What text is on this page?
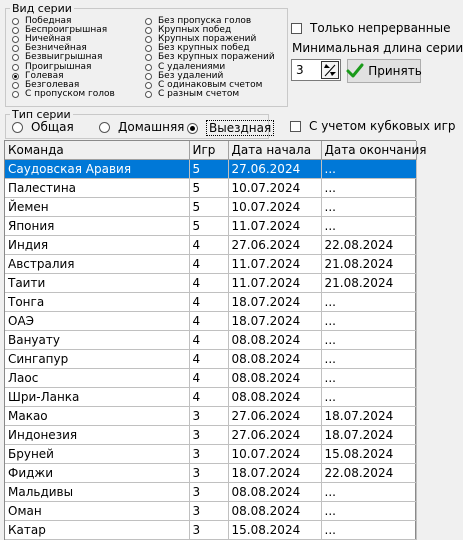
Вид серии
Победная
Беспроигрышная
Ничейная
Безничейная
Безвыигрышная
Проигрышная
Голевая
Безголевая
С пропуском голов
Без пропуска голов
Крупных побед
Крупных поражений
Без крупных побед
Без крупных поражений
С удалениями
Без удалений
С одинаковым счетом
С разным счетом
Только непрерванные
Минимальная длина серии
3	Принять
Тип серии
Общая	Домашняя Выездная	С учетом кубковых игр
Команда	Игр	Дата начала	Дата окончания
Саудовская Аравия	5	27.06.2024	...
Палестина	5	10.07.2024	...
Йемен	5	10.07.2024	...
Япония	5	11.07.2024	...
Индия	4	27.06.2024	22.08.2024
Австралия	4	11.07.2024	21.08.2024
Таити	4	11.07.2024	21.08.2024
Тонга	4	18.07.2024	...
ОАЭ	4	18.07.2024	...
Вануату	4	08.08.2024	...
Сингапур	4	08.08.2024	...
Лаос	4	08.08.2024	...
Шри-Ланка	4	08.08.2024	...
Макао	3	27.06.2024	18.07.2024
Индонезия	3	27.06.2024	18.07.2024
Бруней	3	10.07.2024	15.08.2024
Фиджи	3	18.07.2024	22.08.2024
Мальдивы	3	08.08.2024	...
Оман	3	08.08.2024	...
Катар	3	15.08.2024	...
